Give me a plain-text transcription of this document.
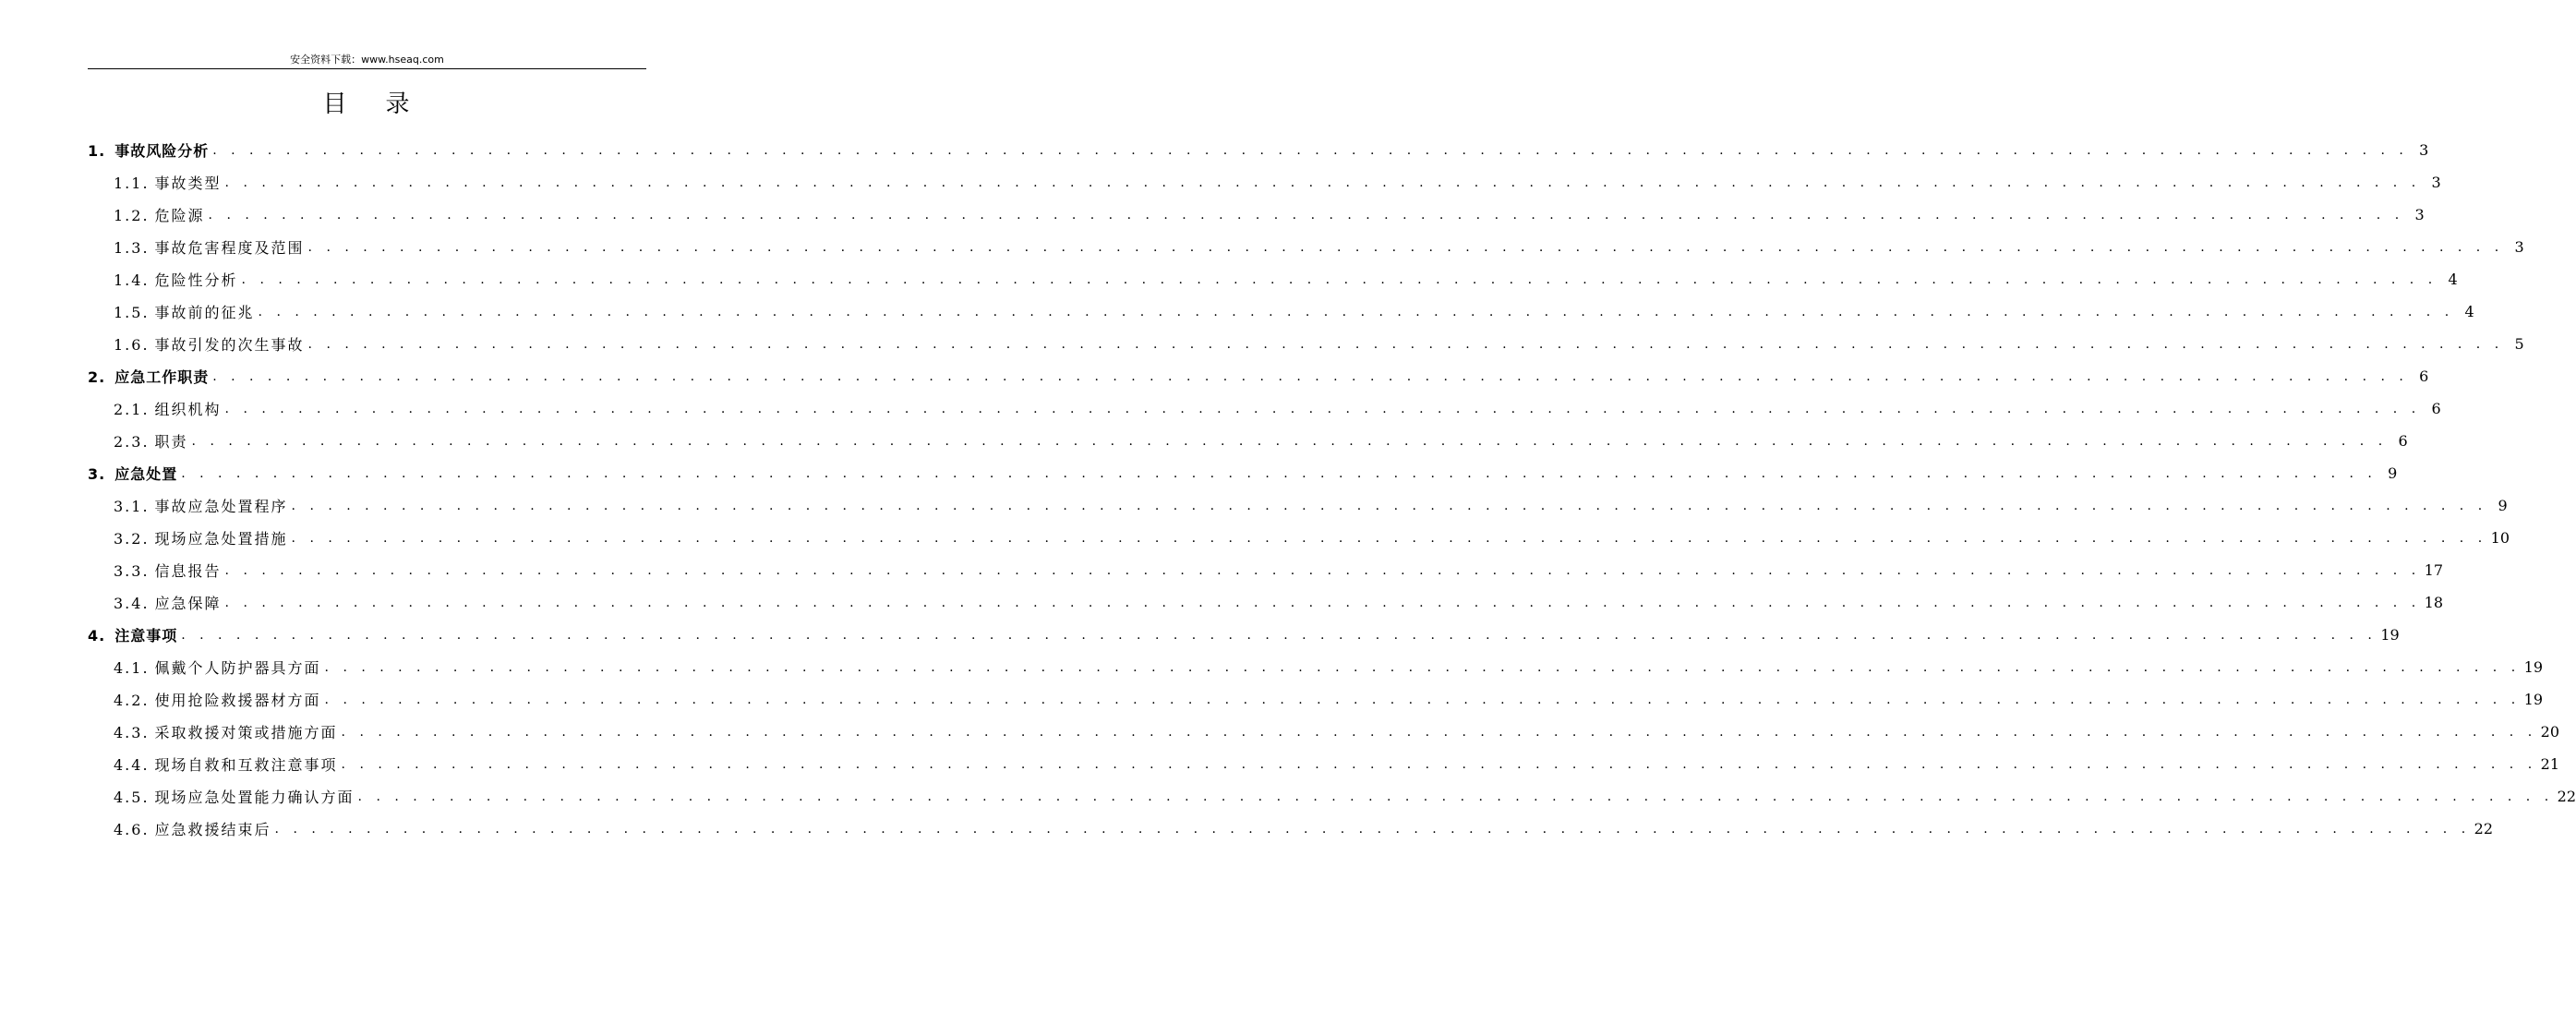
安全资料下载：www.hseaq.com
目 录
1. 事故风险分析 . . . . . . . . . . . . . . . . . . . . . . . . . . . . . . . . . . . . . . . . . . . . . . . . . . . . . . . . . . . . . . . . . . . . . . . . . . . . . . . . . . . . . . . . . . . . . . . . . . . . . . . . . . . . . . . . . . . . . . . . 3
1.1. 事故类型 . . . . . . . . . . . . . . . . . . . . . . . . . . . . . . . . . . . . . . . . . . . . . . . . . . . . . . . . . . . . . . . . . . . . . . . . . . . . . . . . . . . . . . . . . . . . . . . . . . . . . . . . . . . . . . . . . . . . . . . . 3
1.2. 危险源 . . . . . . . . . . . . . . . . . . . . . . . . . . . . . . . . . . . . . . . . . . . . . . . . . . . . . . . . . . . . . . . . . . . . . . . . . . . . . . . . . . . . . . . . . . . . . . . . . . . . . . . . . . . . . . . . . . . . . . . . 3
1.3. 事故危害程度及范围 . . . . . . . . . . . . . . . . . . . . . . . . . . . . . . . . . . . . . . . . . . . . . . . . . . . . . . . . . . . . . . . . . . . . . . . . . . . . . . . . . . . . . . . . . . . . . . . . . . . . . . . . . . . . . . . . . . . . . . . . 3
1.4. 危险性分析 . . . . . . . . . . . . . . . . . . . . . . . . . . . . . . . . . . . . . . . . . . . . . . . . . . . . . . . . . . . . . . . . . . . . . . . . . . . . . . . . . . . . . . . . . . . . . . . . . . . . . . . . . . . . . . . . . . . . . . . . 4
1.5. 事故前的征兆 . . . . . . . . . . . . . . . . . . . . . . . . . . . . . . . . . . . . . . . . . . . . . . . . . . . . . . . . . . . . . . . . . . . . . . . . . . . . . . . . . . . . . . . . . . . . . . . . . . . . . . . . . . . . . . . . . . . . . . . . 4
1.6. 事故引发的次生事故 . . . . . . . . . . . . . . . . . . . . . . . . . . . . . . . . . . . . . . . . . . . . . . . . . . . . . . . . . . . . . . . . . . . . . . . . . . . . . . . . . . . . . . . . . . . . . . . . . . . . . . . . . . . . . . . . . . . . . . . . 5
2. 应急工作职责 . . . . . . . . . . . . . . . . . . . . . . . . . . . . . . . . . . . . . . . . . . . . . . . . . . . . . . . . . . . . . . . . . . . . . . . . . . . . . . . . . . . . . . . . . . . . . . . . . . . . . . . . . . . . . . . . . . . . . . . . 6
2.1. 组织机构 . . . . . . . . . . . . . . . . . . . . . . . . . . . . . . . . . . . . . . . . . . . . . . . . . . . . . . . . . . . . . . . . . . . . . . . . . . . . . . . . . . . . . . . . . . . . . . . . . . . . . . . . . . . . . . . . . . . . . . . . 6
2.3. 职责 . . . . . . . . . . . . . . . . . . . . . . . . . . . . . . . . . . . . . . . . . . . . . . . . . . . . . . . . . . . . . . . . . . . . . . . . . . . . . . . . . . . . . . . . . . . . . . . . . . . . . . . . . . . . . . . . . . . . . . . . 6
3. 应急处置 . . . . . . . . . . . . . . . . . . . . . . . . . . . . . . . . . . . . . . . . . . . . . . . . . . . . . . . . . . . . . . . . . . . . . . . . . . . . . . . . . . . . . . . . . . . . . . . . . . . . . . . . . . . . . . . . . . . . . . . . 9
3.1. 事故应急处置程序 . . . . . . . . . . . . . . . . . . . . . . . . . . . . . . . . . . . . . . . . . . . . . . . . . . . . . . . . . . . . . . . . . . . . . . . . . . . . . . . . . . . . . . . . . . . . . . . . . . . . . . . . . . . . . . . . . . . . . . . . 9
3.2. 现场应急处置措施 . . . . . . . . . . . . . . . . . . . . . . . . . . . . . . . . . . . . . . . . . . . . . . . . . . . . . . . . . . . . . . . . . . . . . . . . . . . . . . . . . . . . . . . . . . . . . . . . . . . . . . . . . . . . . . . . . . . . . . . . 10
3.3. 信息报告 . . . . . . . . . . . . . . . . . . . . . . . . . . . . . . . . . . . . . . . . . . . . . . . . . . . . . . . . . . . . . . . . . . . . . . . . . . . . . . . . . . . . . . . . . . . . . . . . . . . . . . . . . . . . . . . . . . . . . . . . 17
3.4. 应急保障 . . . . . . . . . . . . . . . . . . . . . . . . . . . . . . . . . . . . . . . . . . . . . . . . . . . . . . . . . . . . . . . . . . . . . . . . . . . . . . . . . . . . . . . . . . . . . . . . . . . . . . . . . . . . . . . . . . . . . . . . 18
4. 注意事项 . . . . . . . . . . . . . . . . . . . . . . . . . . . . . . . . . . . . . . . . . . . . . . . . . . . . . . . . . . . . . . . . . . . . . . . . . . . . . . . . . . . . . . . . . . . . . . . . . . . . . . . . . . . . . . . . . . . . . . . . 19
4.1. 佩戴个人防护器具方面 . . . . . . . . . . . . . . . . . . . . . . . . . . . . . . . . . . . . . . . . . . . . . . . . . . . . . . . . . . . . . . . . . . . . . . . . . . . . . . . . . . . . . . . . . . . . . . . . . . . . . . . . . . . . . . . . . . . . . . . . 19
4.2. 使用抢险救援器材方面 . . . . . . . . . . . . . . . . . . . . . . . . . . . . . . . . . . . . . . . . . . . . . . . . . . . . . . . . . . . . . . . . . . . . . . . . . . . . . . . . . . . . . . . . . . . . . . . . . . . . . . . . . . . . . . . . . . . . . . . . 19
4.3. 采取救援对策或措施方面 . . . . . . . . . . . . . . . . . . . . . . . . . . . . . . . . . . . . . . . . . . . . . . . . . . . . . . . . . . . . . . . . . . . . . . . . . . . . . . . . . . . . . . . . . . . . . . . . . . . . . . . . . . . . . . . . . . . . . . . . 20
4.4. 现场自救和互救注意事项 . . . . . . . . . . . . . . . . . . . . . . . . . . . . . . . . . . . . . . . . . . . . . . . . . . . . . . . . . . . . . . . . . . . . . . . . . . . . . . . . . . . . . . . . . . . . . . . . . . . . . . . . . . . . . . . . . . . . . . . . 21
4.5. 现场应急处置能力确认方面 . . . . . . . . . . . . . . . . . . . . . . . . . . . . . . . . . . . . . . . . . . . . . . . . . . . . . . . . . . . . . . . . . . . . . . . . . . . . . . . . . . . . . . . . . . . . . . . . . . . . . . . . . . . . . . . . . . . . . . . . 22
4.6. 应急救援结束后 . . . . . . . . . . . . . . . . . . . . . . . . . . . . . . . . . . . . . . . . . . . . . . . . . . . . . . . . . . . . . . . . . . . . . . . . . . . . . . . . . . . . . . . . . . . . . . . . . . . . . . . . . . . . . . . . . . . . . . . . 22
